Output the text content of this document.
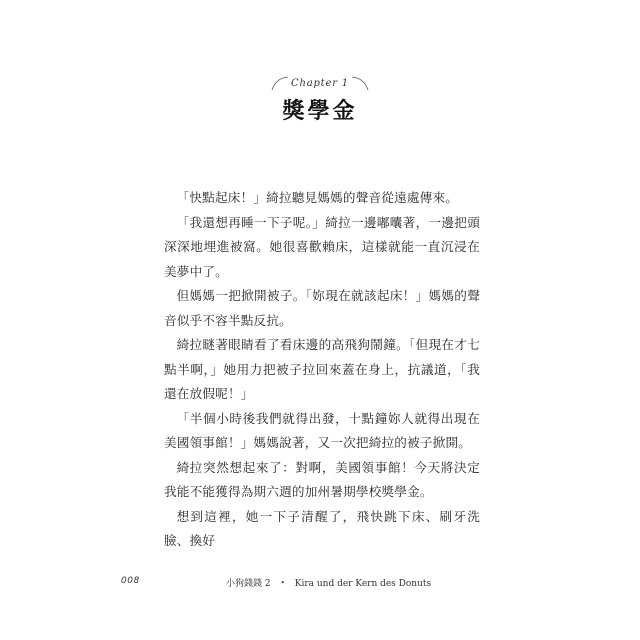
Chapter 1
獎學金

「快點起床！」綺拉聽見媽媽的聲音從遠處傳來。

「我還想再睡一下子呢。」綺拉一邊嘟囔著，一邊把頭深深地埋進被窩。她很喜歡賴床，這樣就能一直沉浸在美夢中了。

但媽媽一把掀開被子。「妳現在就該起床！」媽媽的聲音似乎不容半點反抗。

綺拉瞇著眼睛看了看床邊的高飛狗鬧鐘。「但現在才七點半啊，」她用力把被子拉回來蓋在身上，抗議道，「我還在放假呢！」

「半個小時後我們就得出發，十點鐘妳人就得出現在美國領事館！」媽媽說著，又一次把綺拉的被子掀開。

綺拉突然想起來了：對啊，美國領事館！今天將決定我能不能獲得為期六週的加州暑期學校獎學金。

想到這裡，她一下子清醒了，飛快跳下床、刷牙洗臉、換好

008	小狗錢錢 2 • Kira und der Kern des Donuts
